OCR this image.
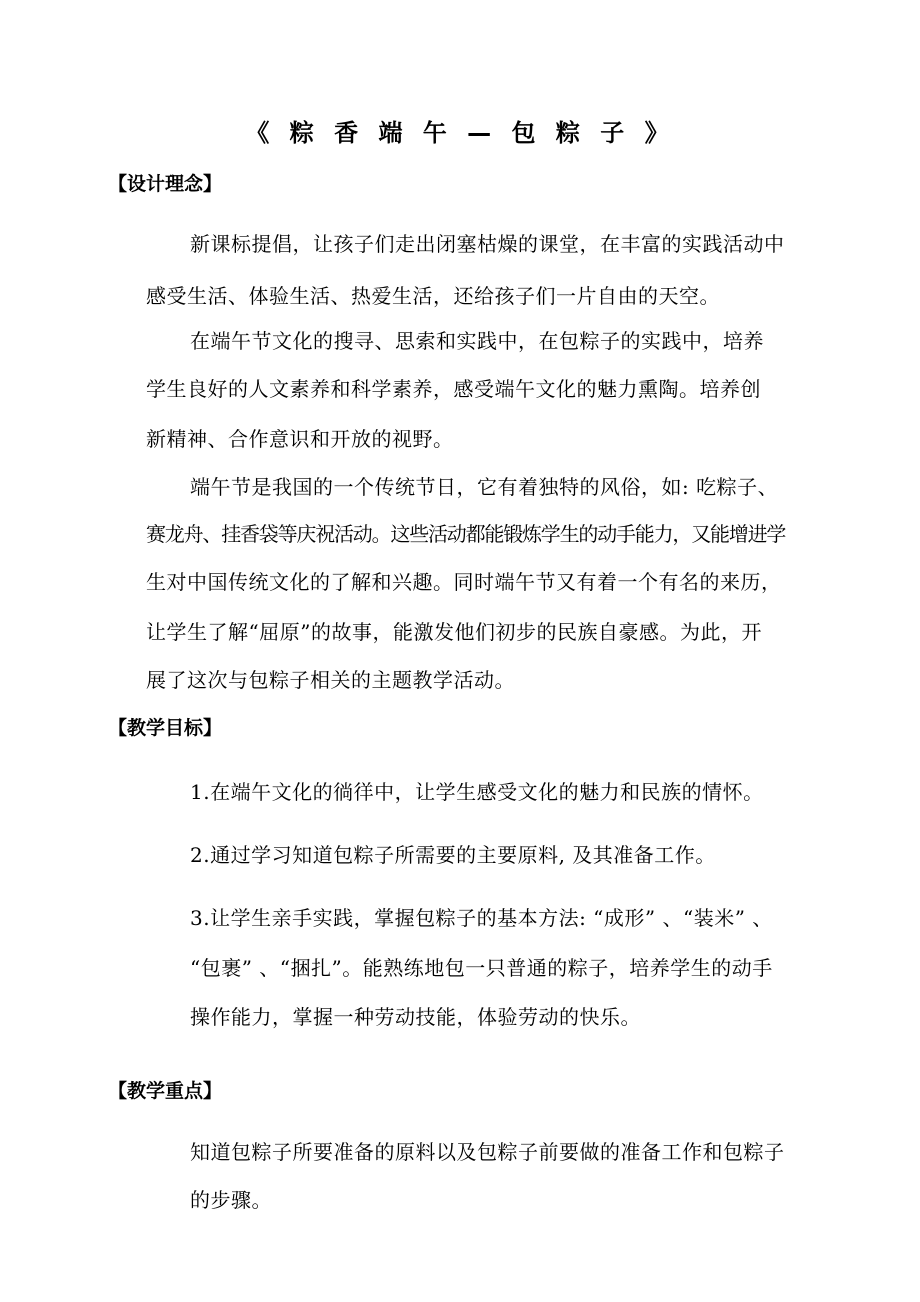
《 粽 香 端 午 — 包 粽 子 》
【设计理念】
新课标提倡，让孩子们走出闭塞枯燥的课堂，在丰富的实践活动中
感受生活、体验生活、热爱生活，还给孩子们一片自由的天空。
在端午节文化的搜寻、思索和实践中，在包粽子的实践中，培养
学生良好的人文素养和科学素养，感受端午文化的魅力熏陶。培养创
新精神、合作意识和开放的视野。
端午节是我国的一个传统节日，它有着独特的风俗，如: 吃粽子、
赛龙舟、挂香袋等庆祝活动。这些活动都能锻炼学生的动手能力，又能增进学
生对中国传统文化的了解和兴趣。同时端午节又有着一个有名的来历，
让学生了解“屈原”的故事，能激发他们初步的民族自豪感。为此，开
展了这次与包粽子相关的主题教学活动。
【教学目标】
1.在端午文化的徜徉中，让学生感受文化的魅力和民族的情怀。
2.通过学习知道包粽子所需要的主要原料, 及其准备工作。
3.让学生亲手实践，掌握包粽子的基本方法: “成形” 、“装米” 、
“包裹” 、“捆扎”。能熟练地包一只普通的粽子，培养学生的动手
操作能力，掌握一种劳动技能，体验劳动的快乐。
【教学重点】
知道包粽子所要准备的原料以及包粽子前要做的准备工作和包粽子
的步骤。
